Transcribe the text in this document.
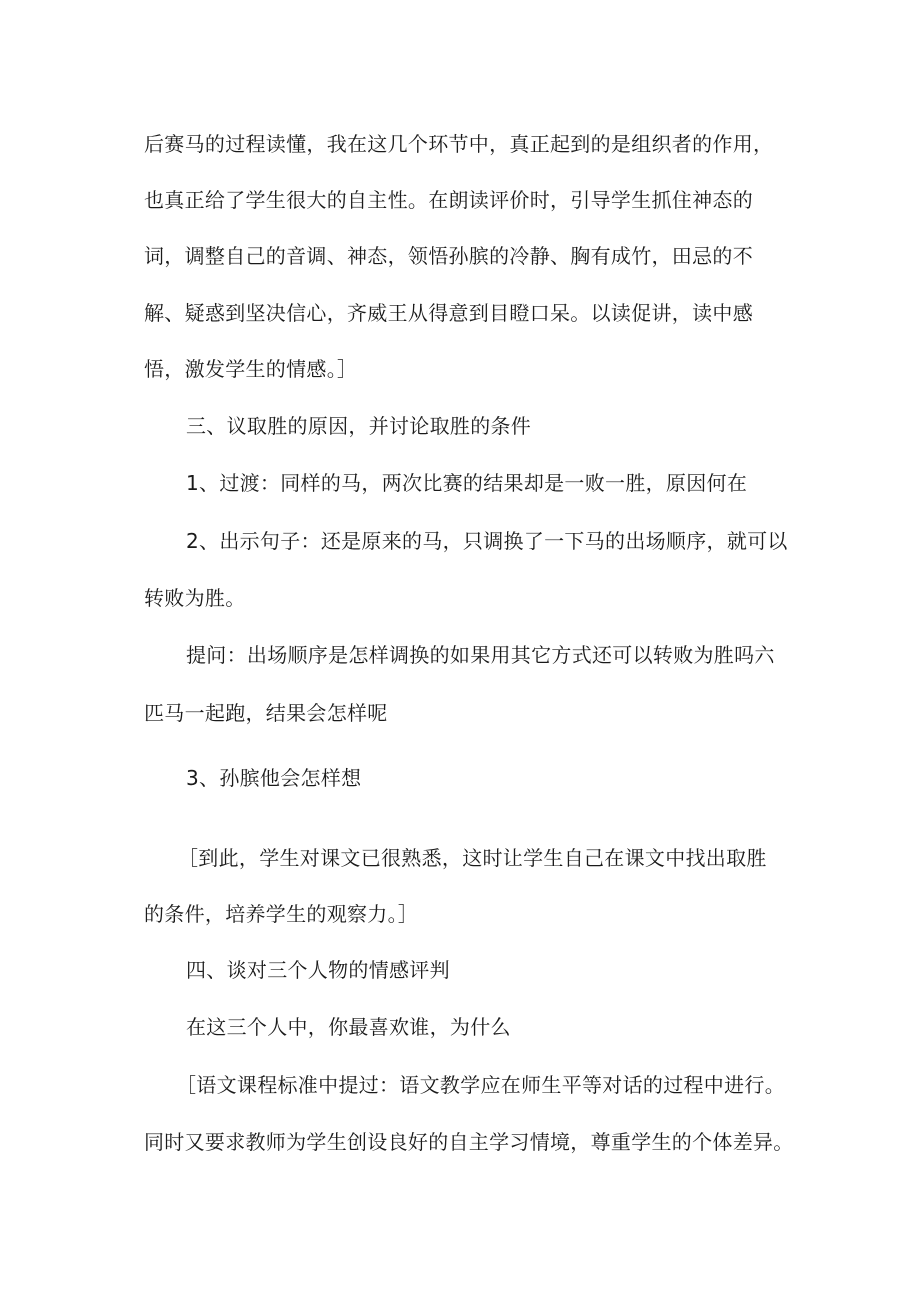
后赛马的过程读懂，我在这几个环节中，真正起到的是组织者的作用，
也真正给了学生很大的自主性。在朗读评价时，引导学生抓住神态的
词，调整自己的音调、神态，领悟孙膑的冷静、胸有成竹，田忌的不
解、疑惑到坚决信心，齐威王从得意到目瞪口呆。以读促讲，读中感
悟，激发学生的情感。］
三、议取胜的原因，并讨论取胜的条件
1、过渡：同样的马，两次比赛的结果却是一败一胜，原因何在
2、出示句子：还是原来的马，只调换了一下马的出场顺序，就可以
转败为胜。
提问：出场顺序是怎样调换的如果用其它方式还可以转败为胜吗六
匹马一起跑，结果会怎样呢
3、孙膑他会怎样想
［到此，学生对课文已很熟悉，这时让学生自己在课文中找出取胜
的条件，培养学生的观察力。］
四、谈对三个人物的情感评判
在这三个人中，你最喜欢谁，为什么
［语文课程标准中提过：语文教学应在师生平等对话的过程中进行。
同时又要求教师为学生创设良好的自主学习情境，尊重学生的个体差异。
